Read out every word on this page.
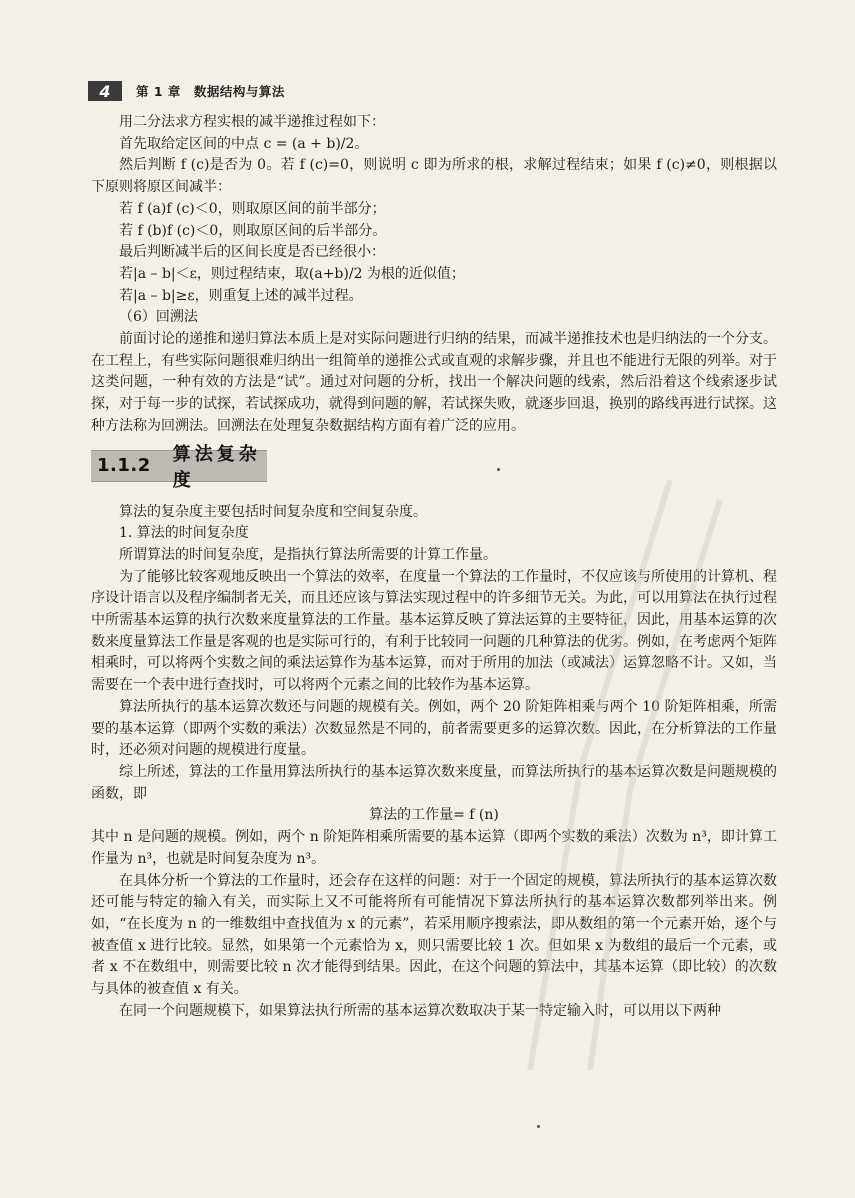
4	第 1 章　数据结构与算法

用二分法求方程实根的减半递推过程如下：

首先取给定区间的中点 c = (a + b)/2。

然后判断 f (c)是否为 0。若 f (c)=0，则说明 c 即为所求的根，求解过程结束；如果 f (c)≠0，则根据以下原则将原区间减半：

若 f (a)f (c)＜0，则取原区间的前半部分；

若 f (b)f (c)＜0，则取原区间的后半部分。

最后判断减半后的区间长度是否已经很小：

若|a – b|＜ε，则过程结束，取(a+b)/2 为根的近似值；

若|a – b|≥ε，则重复上述的减半过程。

（6）回溯法

前面讨论的递推和递归算法本质上是对实际问题进行归纳的结果，而减半递推技术也是归纳法的一个分支。在工程上，有些实际问题很难归纳出一组简单的递推公式或直观的求解步骤，并且也不能进行无限的列举。对于这类问题，一种有效的方法是“试”。通过对问题的分析，找出一个解决问题的线索，然后沿着这个线索逐步试探，对于每一步的试探，若试探成功，就得到问题的解，若试探失败，就逐步回退，换别的路线再进行试探。这种方法称为回溯法。回溯法在处理复杂数据结构方面有着广泛的应用。

1.1.2
算法复杂度

算法的复杂度主要包括时间复杂度和空间复杂度。

1. 算法的时间复杂度

所谓算法的时间复杂度，是指执行算法所需要的计算工作量。

为了能够比较客观地反映出一个算法的效率，在度量一个算法的工作量时，不仅应该与所使用的计算机、程序设计语言以及程序编制者无关，而且还应该与算法实现过程中的许多细节无关。为此，可以用算法在执行过程中所需基本运算的执行次数来度量算法的工作量。基本运算反映了算法运算的主要特征，因此，用基本运算的次数来度量算法工作量是客观的也是实际可行的，有利于比较同一问题的几种算法的优劣。例如，在考虑两个矩阵相乘时，可以将两个实数之间的乘法运算作为基本运算，而对于所用的加法（或减法）运算忽略不计。又如，当需要在一个表中进行查找时，可以将两个元素之间的比较作为基本运算。

算法所执行的基本运算次数还与问题的规模有关。例如，两个 20 阶矩阵相乘与两个 10 阶矩阵相乘，所需要的基本运算（即两个实数的乘法）次数显然是不同的，前者需要更多的运算次数。因此，在分析算法的工作量时，还必须对问题的规模进行度量。

综上所述，算法的工作量用算法所执行的基本运算次数来度量，而算法所执行的基本运算次数是问题规模的函数，即

算法的工作量= f (n)

其中 n 是问题的规模。例如，两个 n 阶矩阵相乘所需要的基本运算（即两个实数的乘法）次数为 n³，即计算工作量为 n³，也就是时间复杂度为 n³。

在具体分析一个算法的工作量时，还会存在这样的问题：对于一个固定的规模，算法所执行的基本运算次数还可能与特定的输入有关，而实际上又不可能将所有可能情况下算法所执行的基本运算次数都列举出来。例如，“在长度为 n 的一维数组中查找值为 x 的元素”，若采用顺序搜索法，即从数组的第一个元素开始，逐个与被查值 x 进行比较。显然，如果第一个元素恰为 x，则只需要比较 1 次。但如果 x 为数组的最后一个元素，或者 x 不在数组中，则需要比较 n 次才能得到结果。因此，在这个问题的算法中，其基本运算（即比较）的次数与具体的被查值 x 有关。

在同一个问题规模下，如果算法执行所需的基本运算次数取决于某一特定输入时，可以用以下两种
